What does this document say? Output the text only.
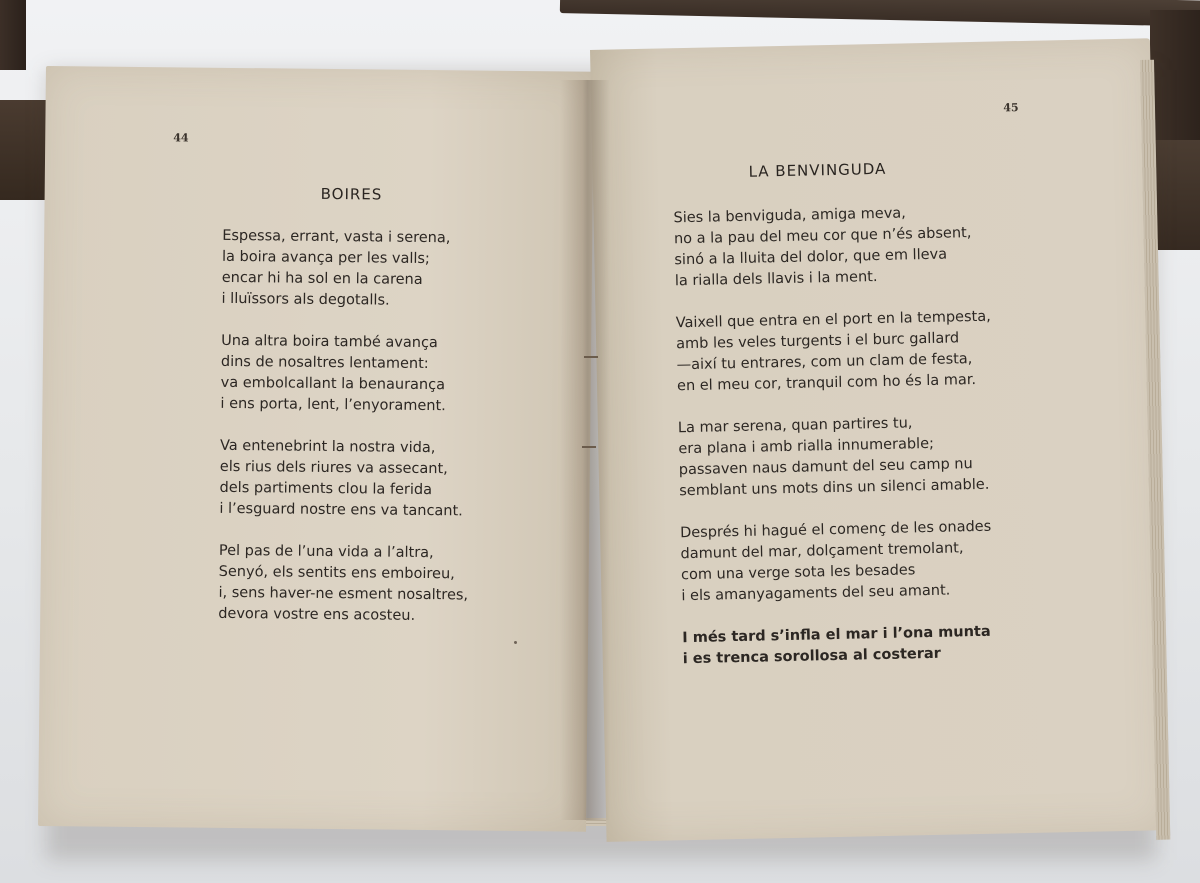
44
BOIRES
Espessa, errant, vasta i serena,
la boira avança per les valls;
encar hi ha sol en la carena
i lluïssors als degotalls.
Una altra boira també avança
dins de nosaltres lentament:
va embolcallant la benaurança
i ens porta, lent, l’enyorament.
Va entenebrint la nostra vida,
els rius dels riures va assecant,
dels partiments clou la ferida
i l’esguard nostre ens va tancant.
Pel pas de l’una vida a l’altra,
Senyó, els sentits ens emboireu,
i, sens haver-ne esment nosaltres,
devora vostre ens acosteu.
45
LA BENVINGUDA
Sies la benviguda, amiga meva,
no a la pau del meu cor que n’és absent,
sinó a la lluita del dolor, que em lleva
la rialla dels llavis i la ment.
Vaixell que entra en el port en la tempesta,
amb les veles turgents i el burc gallard
—així tu entrares, com un clam de festa,
en el meu cor, tranquil com ho és la mar.
La mar serena, quan partires tu,
era plana i amb rialla innumerable;
passaven naus damunt del seu camp nu
semblant uns mots dins un silenci amable.
Després hi hagué el començ de les onades
damunt del mar, dolçament tremolant,
com una verge sota les besades
i els amanyagaments del seu amant.
I més tard s’infla el mar i l’ona munta
i es trenca sorollosa al costerar
